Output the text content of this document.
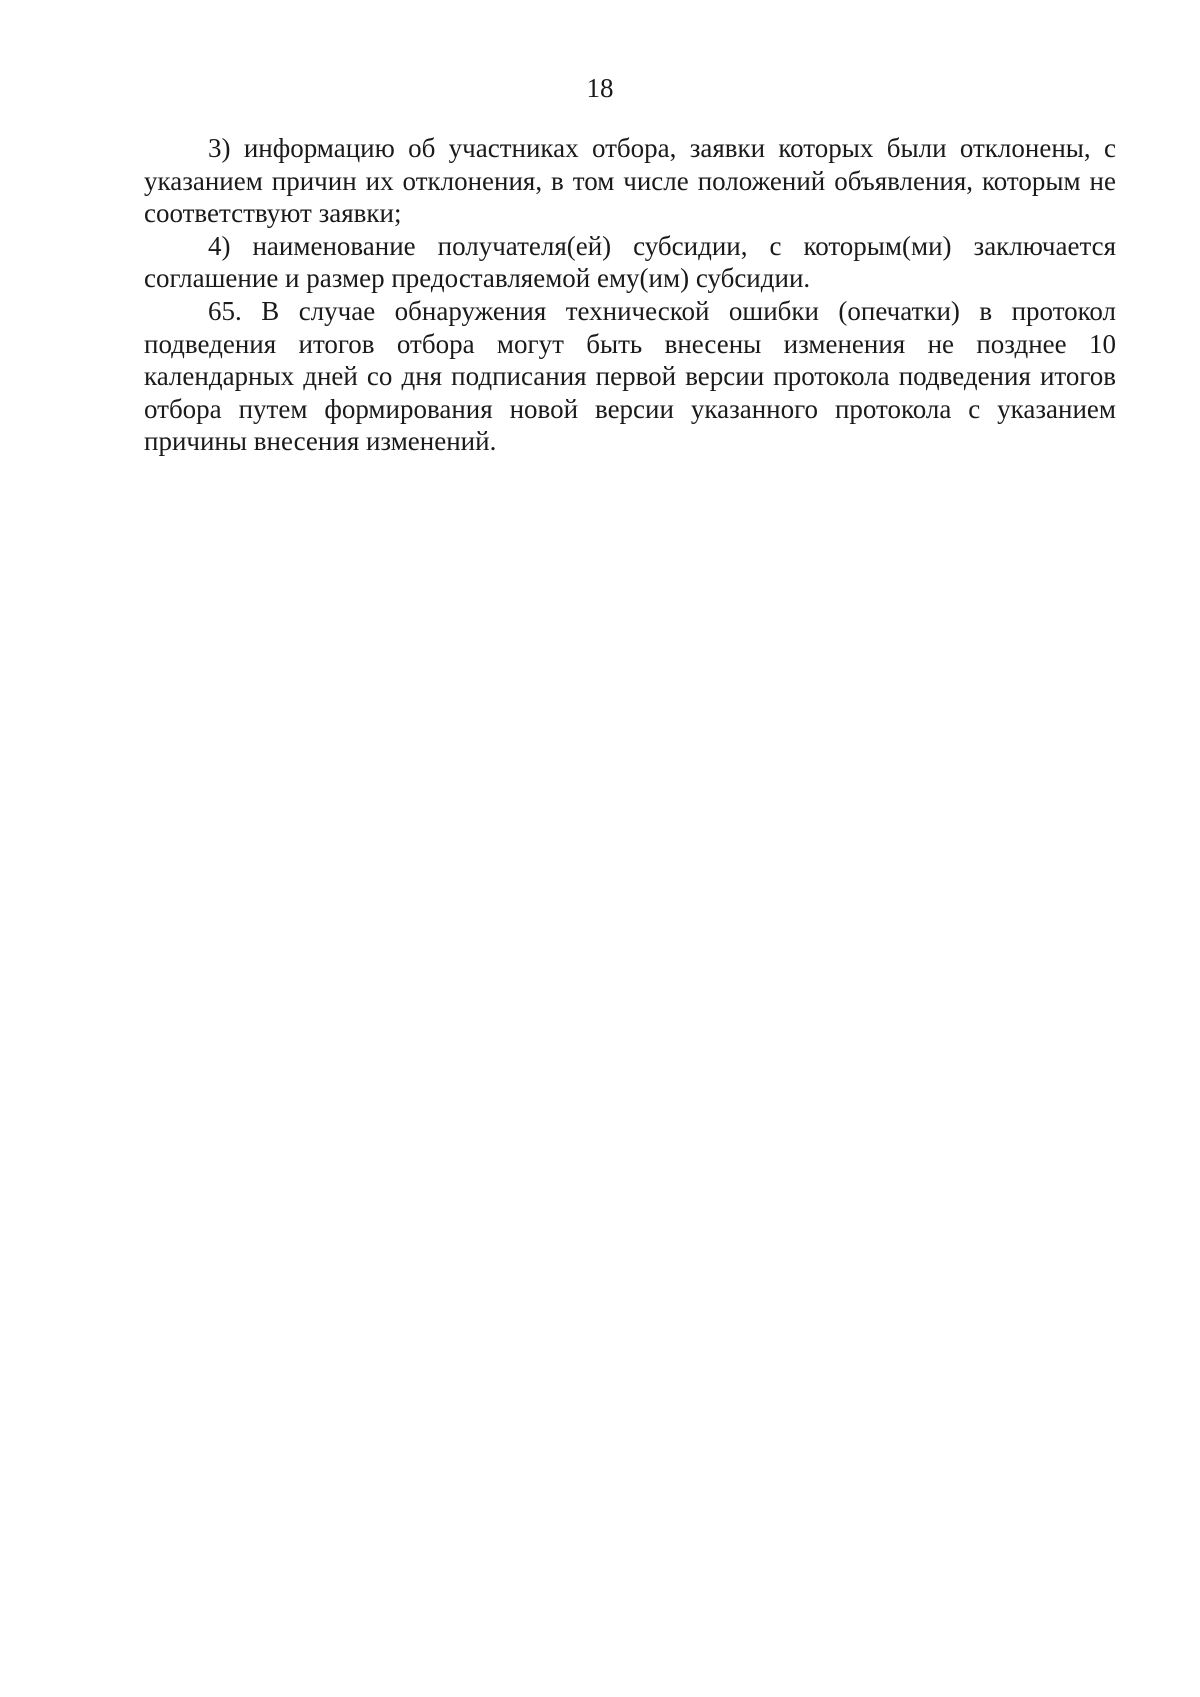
18

3) информацию об участниках отбора, заявки которых были отклонены, с указанием причин их отклонения, в том числе положений объявления, которым не соответствуют заявки;

4) наименование получателя(ей) субсидии, с которым(ми) заключается соглашение и размер предоставляемой ему(им) субсидии.

65. В случае обнаружения технической ошибки (опечатки) в протокол подведения итогов отбора могут быть внесены изменения не позднее 10 календарных дней со дня подписания первой версии протокола подведения итогов отбора путем формирования новой версии указанного протокола с указанием причины внесения изменений.
